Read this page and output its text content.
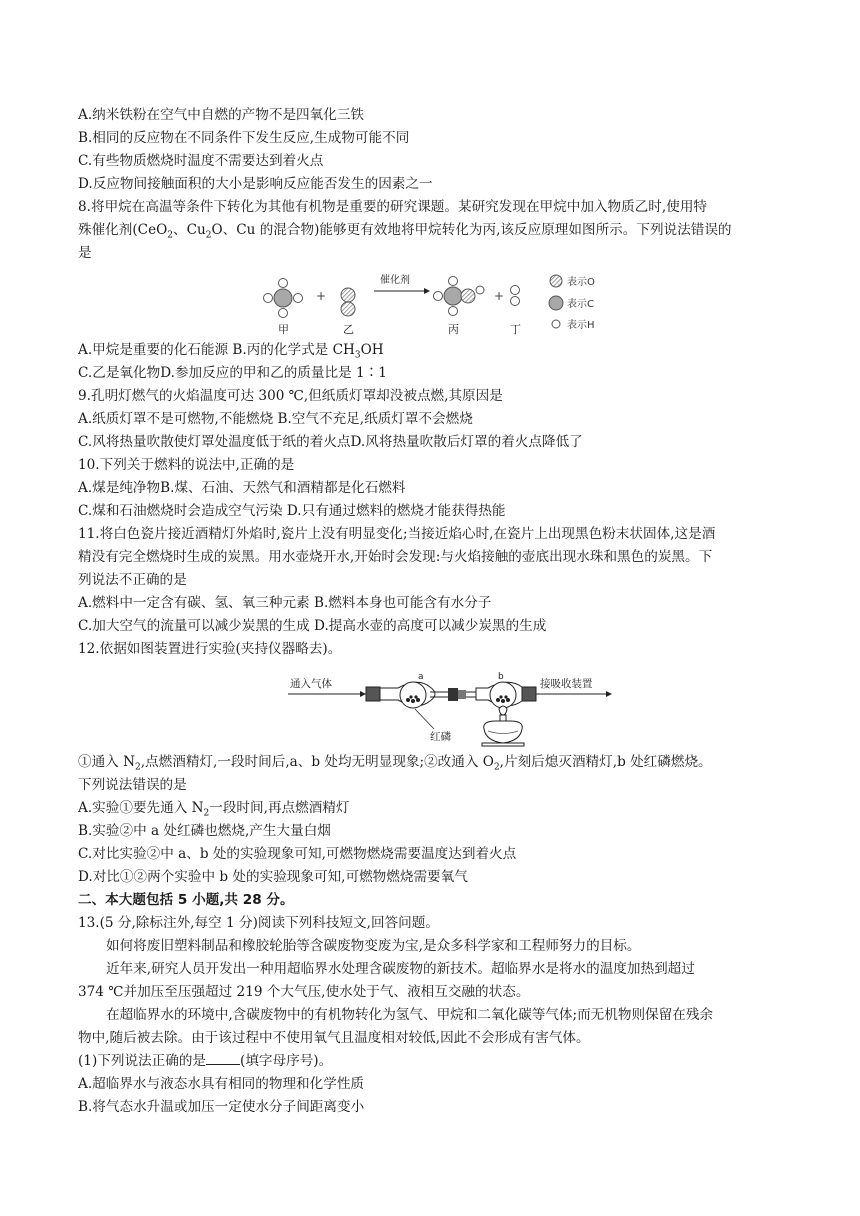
A.纳米铁粉在空气中自燃的产物不是四氧化三铁
B.相同的反应物在不同条件下发生反应,生成物可能不同
C.有些物质燃烧时温度不需要达到着火点
D.反应物间接触面积的大小是影响反应能否发生的因素之一
8.将甲烷在高温等条件下转化为其他有机物是重要的研究课题。某研究发现在甲烷中加入物质乙时,使用特
殊催化剂(CeO$_2$、$Cu_2O$、Cu 的混合物)能够更有效地将甲烷转化为丙,该反应原理如图所示。下列说法错误的
是
+
催化剂
+
甲	乙	丙	丁
表示O
表示C
表示H
A.甲烷是重要的化石能源 B.丙的化学式是 $CH_3OH$
C.乙是氧化物D.参加反应的甲和乙的质量比是 1∶1
9.孔明灯燃气的火焰温度可达 300 ℃,但纸质灯罩却没被点燃,其原因是
A.纸质灯罩不是可燃物,不能燃烧 B.空气不充足,纸质灯罩不会燃烧
C.风将热量吹散使灯罩处温度低于纸的着火点D.风将热量吹散后灯罩的着火点降低了
10.下列关于燃料的说法中,正确的是
A.煤是纯净物B.煤、石油、天然气和酒精都是化石燃料
C.煤和石油燃烧时会造成空气污染 D.只有通过燃料的燃烧才能获得热能
11.将白色瓷片接近酒精灯外焰时,瓷片上没有明显变化;当接近焰心时,在瓷片上出现黑色粉末状固体,这是酒
精没有完全燃烧时生成的炭黑。用水壶烧开水,开始时会发现:与火焰接触的壶底出现水珠和黑色的炭黑。下
列说法不正确的是
A.燃料中一定含有碳、氢、氧三种元素 B.燃料本身也可能含有水分子
C.加大空气的流量可以减少炭黑的生成 D.提高水壶的高度可以减少炭黑的生成
12.依据如图装置进行实验(夹持仪器略去)。
通入气体
a	b
接吸收装置
红磷
①通入 $N_2$,点燃酒精灯,一段时间后,a、b 处均无明显现象;②改通入 $O_2$,片刻后熄灭酒精灯,b 处红磷燃烧。
下列说法错误的是
A.实验①要先通入 $N_2$一段时间,再点燃酒精灯
B.实验②中 a 处红磷也燃烧,产生大量白烟
C.对比实验②中 a、b 处的实验现象可知,可燃物燃烧需要温度达到着火点
D.对比①②两个实验中 b 处的实验现象可知,可燃物燃烧需要氧气
二、本大题包括 5 小题,共 28 分。
13.(5 分,除标注外,每空 1 分)阅读下列科技短文,回答问题。
如何将废旧塑料制品和橡胶轮胎等含碳废物变废为宝,是众多科学家和工程师努力的目标。
近年来,研究人员开发出一种用超临界水处理含碳废物的新技术。超临界水是将水的温度加热到超过
374 ℃并加压至压强超过 219 个大气压,使水处于气、液相互交融的状态。
在超临界水的环境中,含碳废物中的有机物转化为氢气、甲烷和二氧化碳等气体;而无机物则保留在残余
物中,随后被去除。由于该过程中不使用氧气且温度相对较低,因此不会形成有害气体。
(1)下列说法正确的是	(填字母序号)。
A.超临界水与液态水具有相同的物理和化学性质
B.将气态水升温或加压一定使水分子间距离变小
